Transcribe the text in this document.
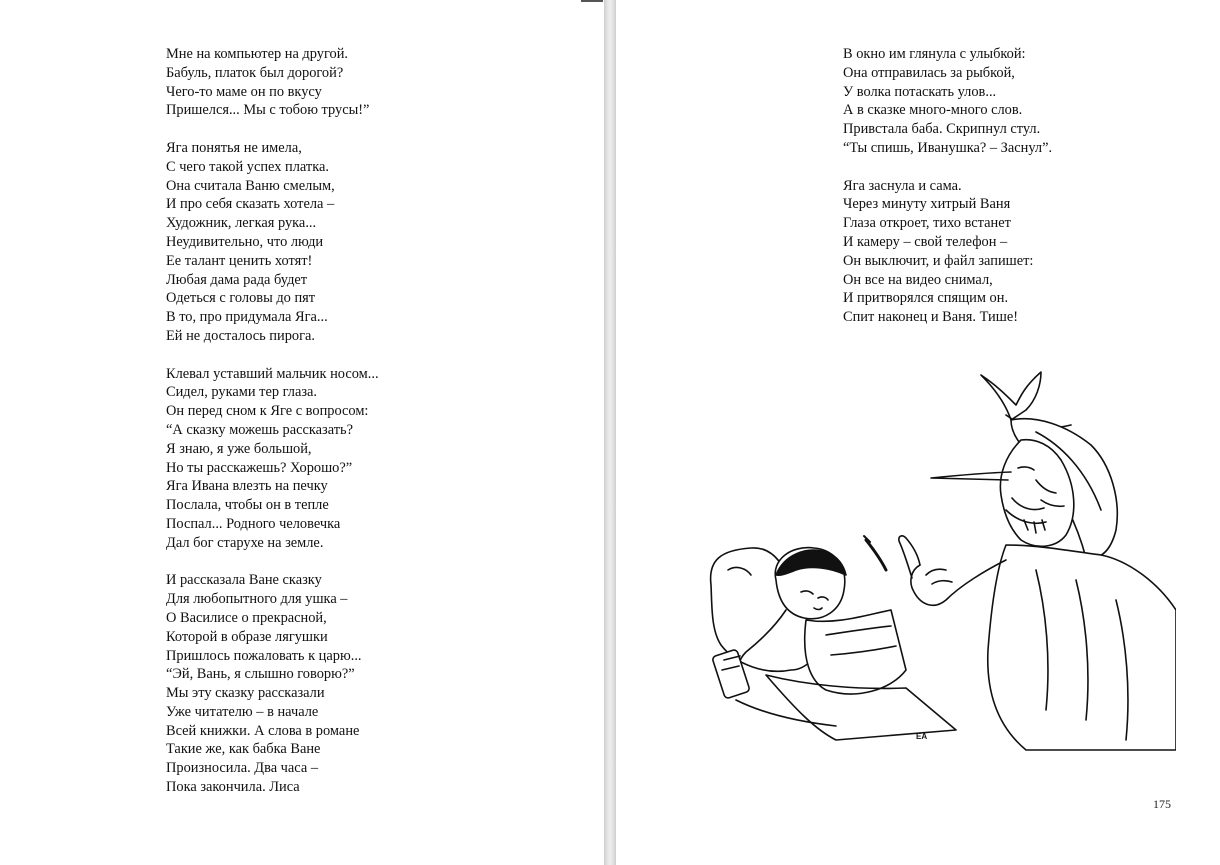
Мне на компьютер на другой.
Бабуль, платок был дорогой?
Чего-то маме он по вкусу
Пришелся... Мы с тобою трусы!”
Яга понятья не имела,
С чего такой успех платка.
Она считала Ваню смелым,
И про себя сказать хотела –
Художник, легкая рука...
Неудивительно, что люди
Ее талант ценить хотят!
Любая дама рада будет
Одеться с головы до пят
В то, про придумала Яга...
Ей не досталось пирога.
Клевал уставший мальчик носом...
Сидел, руками тер глаза.
Он перед сном к Яге с вопросом:
“А сказку можешь рассказать?
Я знаю, я уже большой,
Но ты расскажешь? Хорошо?”
Яга Ивана влезть на печку
Послала, чтобы он в тепле
Поспал... Родного человечка
Дал бог старухе на земле.
И рассказала Ване сказку
Для любопытного для ушка –
О Василисе о прекрасной,
Которой в образе лягушки
Пришлось пожаловать к царю...
“Эй, Вань, я слышно говорю?”
Мы эту сказку рассказали
Уже читателю – в начале
Всей книжки. А слова в романе
Такие же, как бабка Ване
Произносила. Два часа –
Пока закончила. Лиса
В окно им глянула с улыбкой:
Она отправилась за рыбкой,
У волка потаскать улов...
А в сказке много-много слов.
Привстала баба. Скрипнул стул.
“Ты спишь, Иванушка? – Заснул”.
Яга заснула и сама.
Через минуту хитрый Ваня
Глаза откроет, тихо встанет
И камеру – свой телефон –
Он выключит, и файл запишет:
Он все на видео снимал,
И притворялся спящим он.
Спит наконец и Ваня. Тише!
ЕА
175
